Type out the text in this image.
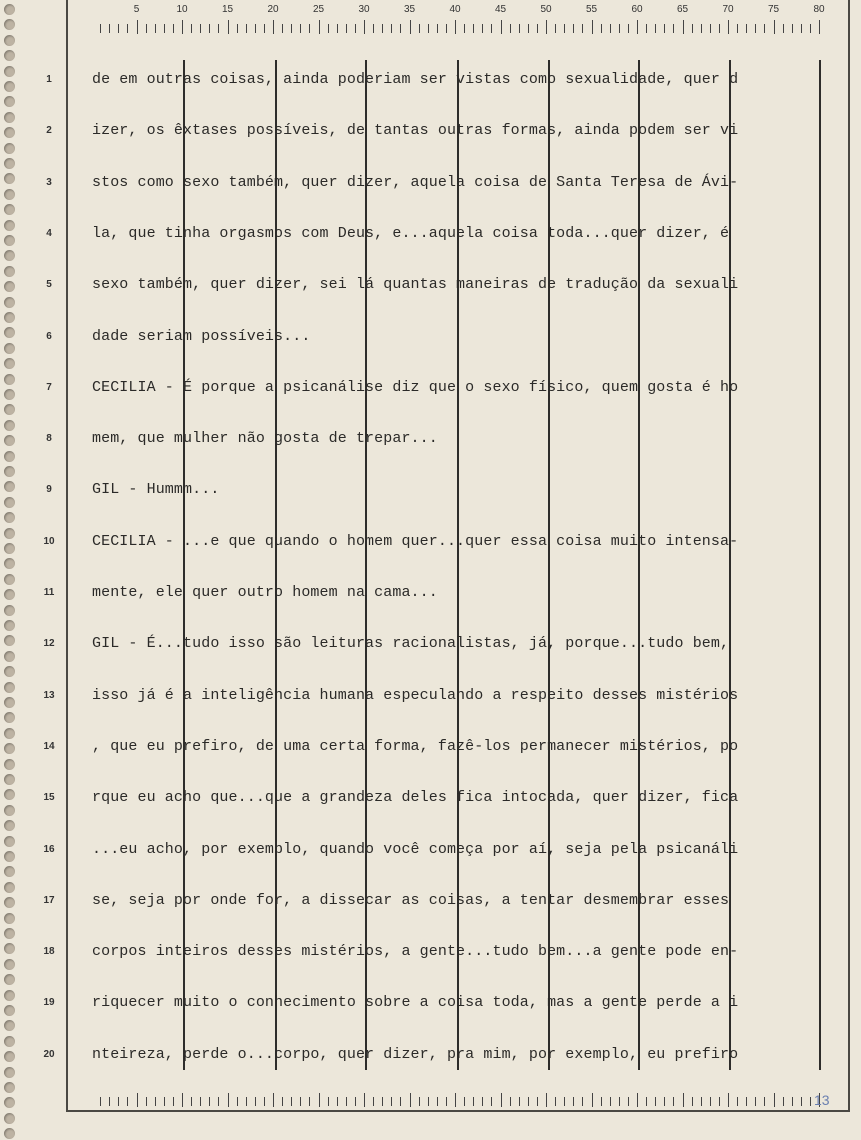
5	10	15	20	25	30	35	40	45	50	55	60	65	70	75	80
1
2
3
4
5
6
7
8
9
10
11
12
13
14
15
16
17
18
19
20
de em outras coisas, ainda poderiam ser vistas como sexualidade, quer d
izer, os êxtases possíveis, de tantas outras formas, ainda podem ser vi
stos como sexo também, quer dizer, aquela coisa de Santa Teresa de Ávi-
la, que tinha orgasmos com Deus, e...aquela coisa toda...quer dizer, é
sexo também, quer dizer, sei lá quantas maneiras de tradução da sexuali
dade seriam possíveis...
CECILIA - É porque a psicanálise diz que o sexo físico, quem gosta é ho
mem, que mulher não gosta de trepar...
GIL - Hummm...
CECILIA - ...e que quando o homem quer...quer essa coisa muito intensa-
mente, ele quer outro homem na cama...
GIL - É...tudo isso são leituras racionalistas, já, porque...tudo bem,
isso já é a inteligência humana especulando a respeito desses mistérios
, que eu prefiro, de uma certa forma, fazê-los permanecer mistérios, po
rque eu acho que...que a grandeza deles fica intocada, quer dizer, fica
...eu acho, por exemplo, quando você começa por aí, seja pela psicanáli
se, seja por onde for, a dissecar as coisas, a tentar desmembrar esses
corpos inteiros desses mistérios, a gente...tudo bem...a gente pode en-
riquecer muito o conhecimento sobre a coisa toda, mas a gente perde a i
nteireza, perde o...corpo, quer dizer, pra mim, por exemplo, eu prefiro
13
